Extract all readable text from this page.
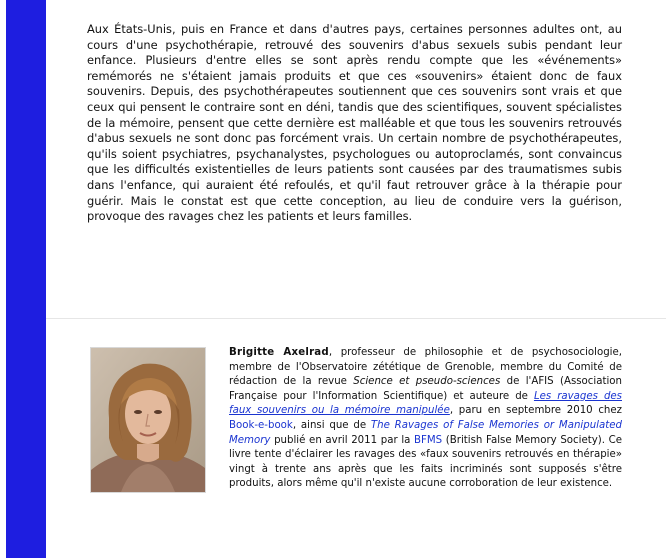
Aux États-Unis, puis en France et dans d'autres pays, certaines personnes adultes ont, au cours d'une psychothérapie, retrouvé des souvenirs d'abus sexuels subis pendant leur enfance. Plusieurs d'entre elles se sont après rendu compte que les «événements» remémorés ne s'étaient jamais produits et que ces «souvenirs» étaient donc de faux souvenirs. Depuis, des psychothérapeutes soutiennent que ces souvenirs sont vrais et que ceux qui pensent le contraire sont en déni, tandis que des scientifiques, souvent spécialistes de la mémoire, pensent que cette dernière est malléable et que tous les souvenirs retrouvés d'abus sexuels ne sont donc pas forcément vrais. Un certain nombre de psychothérapeutes, qu'ils soient psychiatres, psychanalystes, psychologues ou autoproclamés, sont convaincus que les difficultés existentielles de leurs patients sont causées par des traumatismes subis dans l'enfance, qui auraient été refoulés, et qu'il faut retrouver grâce à la thérapie pour guérir. Mais le constat est que cette conception, au lieu de conduire vers la guérison, provoque des ravages chez les patients et leurs familles.

Brigitte Axelrad, professeur de philosophie et de psychosociologie, membre de l'Observatoire zététique de Grenoble, membre du Comité de rédaction de la revue Science et pseudo-sciences de l'AFIS (Association Française pour l'Information Scientifique) et auteure de Les ravages des faux souvenirs ou la mémoire manipulée, paru en septembre 2010 chez Book-e-book, ainsi que de The Ravages of False Memories or Manipulated Memory publié en avril 2011 par la BFMS (British False Memory Society). Ce livre tente d'éclairer les ravages des «faux souvenirs retrouvés en thérapie» vingt à trente ans après que les faits incriminés sont supposés s'être produits, alors même qu'il n'existe aucune corroboration de leur existence.
